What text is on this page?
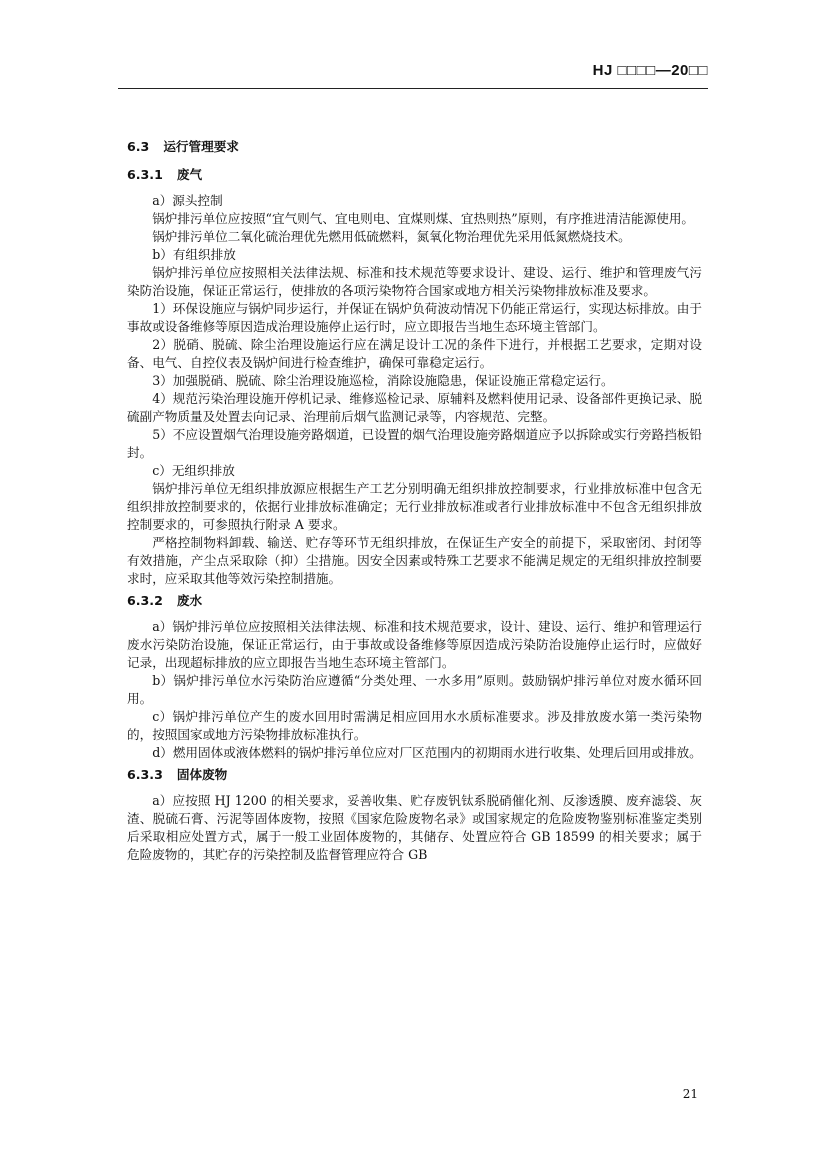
HJ □□□□—20□□
6.3 运行管理要求
6.3.1 废气

a）源头控制

锅炉排污单位应按照“宜气则气、宜电则电、宜煤则煤、宜热则热”原则，有序推进清洁能源使用。

锅炉排污单位二氧化硫治理优先燃用低硫燃料，氮氧化物治理优先采用低氮燃烧技术。

b）有组织排放

锅炉排污单位应按照相关法律法规、标准和技术规范等要求设计、建设、运行、维护和管理废气污染防治设施，保证正常运行，使排放的各项污染物符合国家或地方相关污染物排放标准及要求。

1）环保设施应与锅炉同步运行，并保证在锅炉负荷波动情况下仍能正常运行，实现达标排放。由于事故或设备维修等原因造成治理设施停止运行时，应立即报告当地生态环境主管部门。

2）脱硝、脱硫、除尘治理设施运行应在满足设计工况的条件下进行，并根据工艺要求，定期对设备、电气、自控仪表及锅炉间进行检查维护，确保可靠稳定运行。

3）加强脱硝、脱硫、除尘治理设施巡检，消除设施隐患，保证设施正常稳定运行。

4）规范污染治理设施开停机记录、维修巡检记录、原辅料及燃料使用记录、设备部件更换记录、脱硫副产物质量及处置去向记录、治理前后烟气监测记录等，内容规范、完整。

5）不应设置烟气治理设施旁路烟道，已设置的烟气治理设施旁路烟道应予以拆除或实行旁路挡板铅封。

c）无组织排放

锅炉排污单位无组织排放源应根据生产工艺分别明确无组织排放控制要求，行业排放标准中包含无组织排放控制要求的，依据行业排放标准确定；无行业排放标准或者行业排放标准中不包含无组织排放控制要求的，可参照执行附录 A 要求。

严格控制物料卸载、输送、贮存等环节无组织排放，在保证生产安全的前提下，采取密闭、封闭等有效措施，产尘点采取除（抑）尘措施。因安全因素或特殊工艺要求不能满足规定的无组织排放控制要求时，应采取其他等效污染控制措施。

6.3.2 废水

a）锅炉排污单位应按照相关法律法规、标准和技术规范要求，设计、建设、运行、维护和管理运行废水污染防治设施，保证正常运行，由于事故或设备维修等原因造成污染防治设施停止运行时，应做好记录，出现超标排放的应立即报告当地生态环境主管部门。

b）锅炉排污单位水污染防治应遵循“分类处理、一水多用”原则。鼓励锅炉排污单位对废水循环回用。

c）锅炉排污单位产生的废水回用时需满足相应回用水水质标准要求。涉及排放废水第一类污染物的，按照国家或地方污染物排放标准执行。

d）燃用固体或液体燃料的锅炉排污单位应对厂区范围内的初期雨水进行收集、处理后回用或排放。

6.3.3 固体废物

a）应按照 HJ 1200 的相关要求，妥善收集、贮存废钒钛系脱硝催化剂、反渗透膜、废弃滤袋、灰渣、脱硫石膏、污泥等固体废物，按照《国家危险废物名录》或国家规定的危险废物鉴别标准鉴定类别后采取相应处置方式，属于一般工业固体废物的，其储存、处置应符合 GB 18599 的相关要求；属于危险废物的，其贮存的污染控制及监督管理应符合 GB

21
